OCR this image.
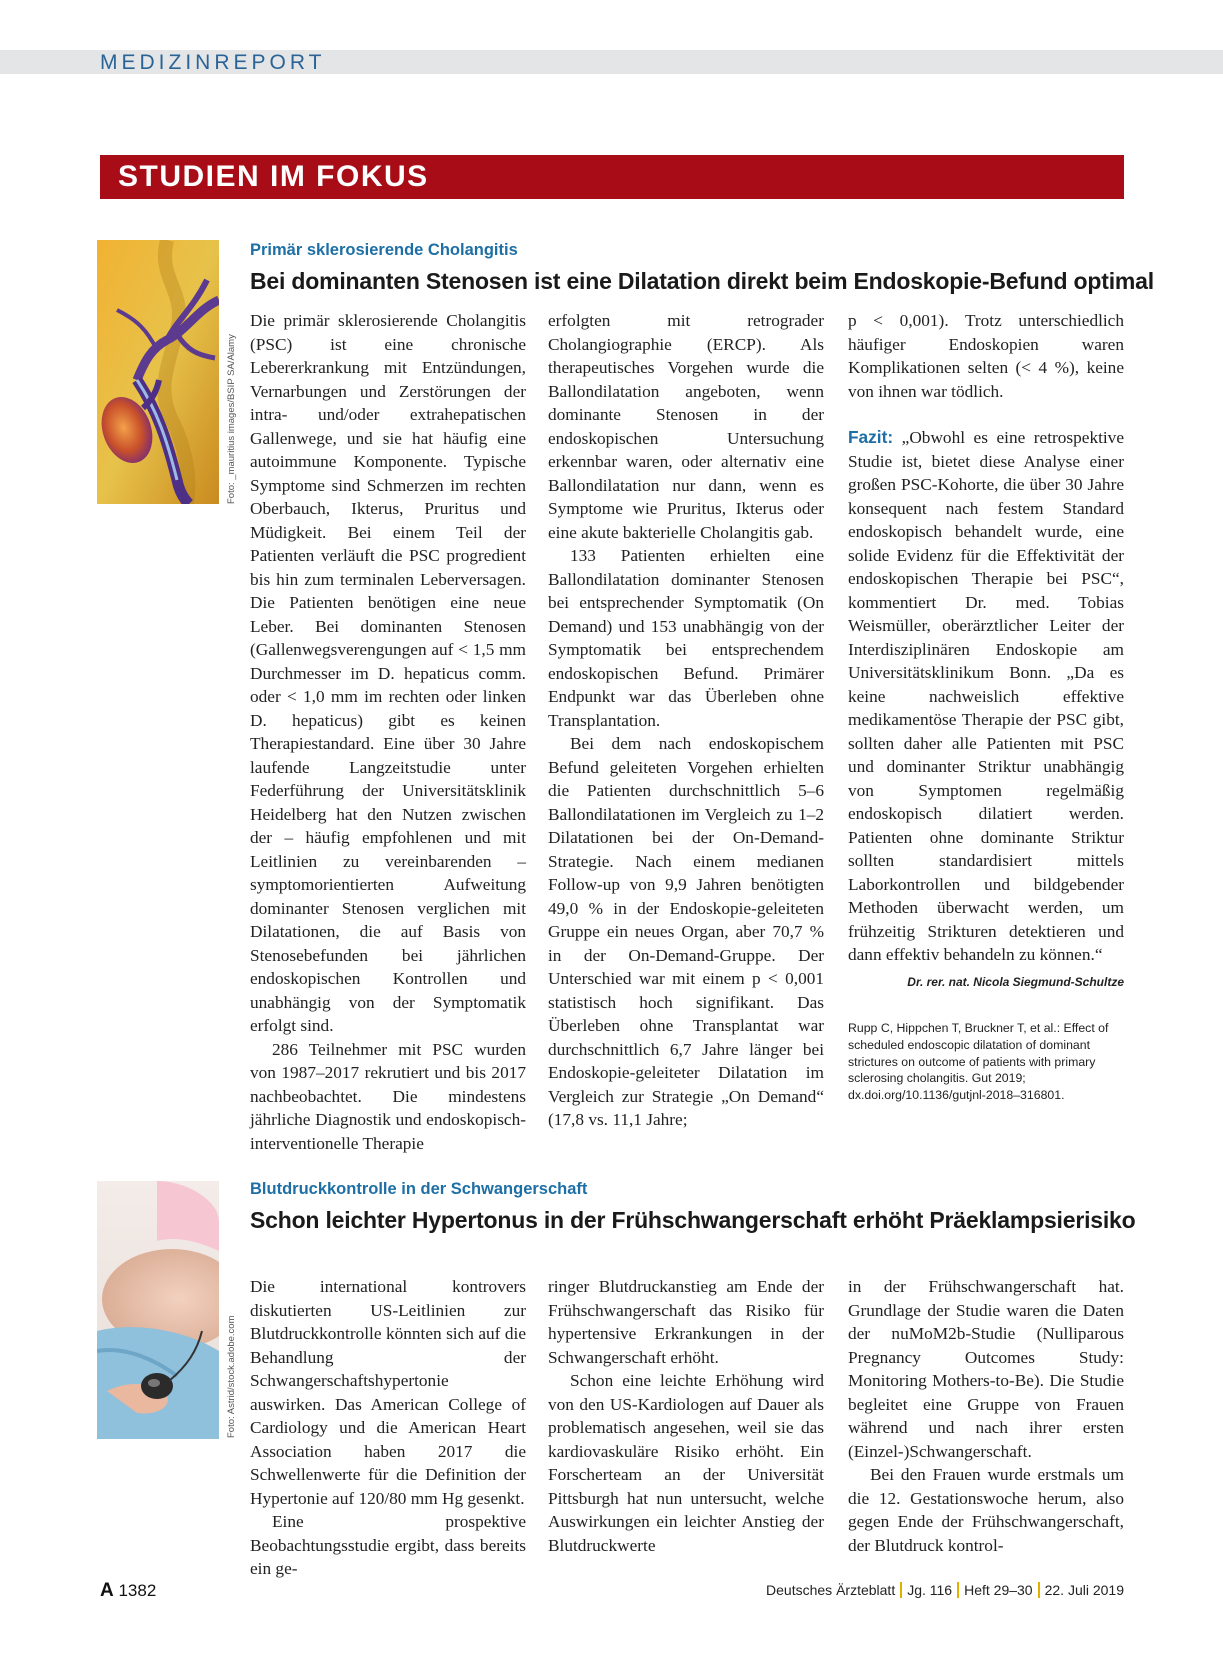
MEDIZINREPORT
STUDIEN IM FOKUS
Foto: _mauritius images/BSIP SA/Alamy
Primär sklerosierende Cholangitis
Bei dominanten Stenosen ist eine Dilatation direkt beim Endoskopie-Befund optimal

Die primär sklerosierende Cholangitis (PSC) ist eine chronische Lebererkrankung mit Entzündungen, Vernarbungen und Zerstörungen der intra- und/oder extrahepatischen Gallenwege, und sie hat häufig eine autoimmune Komponente. Typische Symptome sind Schmerzen im rechten Oberbauch, Ikterus, Pruritus und Müdigkeit. Bei einem Teil der Patienten verläuft die PSC progredient bis hin zum terminalen Leberversagen. Die Patienten benötigen eine neue Leber. Bei dominanten Stenosen (Gallenwegsverengungen auf < 1,5 mm Durchmesser im D. hepaticus comm. oder < 1,0 mm im rechten oder linken D. hepaticus) gibt es keinen Therapiestandard. Eine über 30 Jahre laufende Langzeitstudie unter Federführung der Universitätsklinik Heidelberg hat den Nutzen zwischen der – häufig empfohlenen und mit Leitlinien zu vereinbarenden – symptomorientierten Aufweitung dominanter Stenosen verglichen mit Dilatationen, die auf Basis von Stenosebefunden bei jährlichen endoskopischen Kontrollen und unabhängig von der Symptomatik erfolgt sind.

286 Teilnehmer mit PSC wurden von 1987–2017 rekrutiert und bis 2017 nachbeobachtet. Die mindestens jährliche Diagnostik und endoskopisch-interventionelle Therapie

erfolgten mit retrograder Cholangiographie (ERCP). Als therapeutisches Vorgehen wurde die Ballondilatation angeboten, wenn dominante Stenosen in der endoskopischen Untersuchung erkennbar waren, oder alternativ eine Ballondilatation nur dann, wenn es Symptome wie Pruritus, Ikterus oder eine akute bakterielle Cholangitis gab.

133 Patienten erhielten eine Ballondilatation dominanter Stenosen bei entsprechender Symptomatik (On Demand) und 153 unabhängig von der Symptomatik bei entsprechendem endoskopischen Befund. Primärer Endpunkt war das Überleben ohne Transplantation.

Bei dem nach endoskopischem Befund geleiteten Vorgehen erhielten die Patienten durchschnittlich 5–6 Ballondilatationen im Vergleich zu 1–2 Dilatationen bei der On-Demand-Strategie. Nach einem medianen Follow-up von 9,9 Jahren benötigten 49,0 % in der Endoskopie-geleiteten Gruppe ein neues Organ, aber 70,7 % in der On-Demand-Gruppe. Der Unterschied war mit einem p < 0,001 statistisch hoch signifikant. Das Überleben ohne Transplantat war durchschnittlich 6,7 Jahre länger bei Endoskopie-geleiteter Dilatation im Vergleich zur Strategie „On Demand“ (17,8 vs. 11,1 Jahre;

p < 0,001). Trotz unterschiedlich häufiger Endoskopien waren Komplikationen selten (< 4 %), keine von ihnen war tödlich.

Fazit: „Obwohl es eine retrospektive Studie ist, bietet diese Analyse einer großen PSC-Kohorte, die über 30 Jahre konsequent nach festem Standard endoskopisch behandelt wurde, eine solide Evidenz für die Effektivität der endoskopischen Therapie bei PSC“, kommentiert Dr. med. Tobias Weismüller, oberärztlicher Leiter der Interdisziplinären Endoskopie am Universitätsklinikum Bonn. „Da es keine nachweislich effektive medikamentöse Therapie der PSC gibt, sollten daher alle Patienten mit PSC und dominanter Striktur unabhängig von Symptomen regelmäßig endoskopisch dilatiert werden. Patienten ohne dominante Striktur sollten standardisiert mittels Laborkontrollen und bildgebender Methoden überwacht werden, um frühzeitig Strikturen detektieren und dann effektiv behandeln zu können.“

Dr. rer. nat. Nicola Siegmund-Schultze
Rupp C, Hippchen T, Bruckner T, et al.: Effect of scheduled endoscopic dilatation of dominant strictures on outcome of patients with primary sclerosing cholangitis. Gut 2019; dx.doi.org/10.1136/gutjnl-2018–316801.
Foto: Astrid/stock.adobe.com
Blutdruckkontrolle in der Schwangerschaft
Schon leichter Hypertonus in der Frühschwangerschaft erhöht Präeklampsierisiko

Die international kontrovers diskutierten US-Leitlinien zur Blutdruckkontrolle könnten sich auf die Behandlung der Schwangerschaftshypertonie auswirken. Das American College of Cardiology und die American Heart Association haben 2017 die Schwellenwerte für die Definition der Hypertonie auf 120/80 mm Hg gesenkt.

Eine prospektive Beobachtungsstudie ergibt, dass bereits ein ge-

ringer Blutdruckanstieg am Ende der Frühschwangerschaft das Risiko für hypertensive Erkrankungen in der Schwangerschaft erhöht.

Schon eine leichte Erhöhung wird von den US-Kardiologen auf Dauer als problematisch angesehen, weil sie das kardiovaskuläre Risiko erhöht. Ein Forscherteam an der Universität Pittsburgh hat nun untersucht, welche Auswirkungen ein leichter Anstieg der Blutdruckwerte

in der Frühschwangerschaft hat. Grundlage der Studie waren die Daten der nuMoM2b-Studie (Nulliparous Pregnancy Outcomes Study: Monitoring Mothers-to-Be). Die Studie begleitet eine Gruppe von Frauen während und nach ihrer ersten (Einzel-)Schwangerschaft.

Bei den Frauen wurde erstmals um die 12. Gestationswoche herum, also gegen Ende der Frühschwangerschaft, der Blutdruck kontrol-

A 1382	Deutsches Ärzteblatt Jg. 116 Heft 29–30 22. Juli 2019
